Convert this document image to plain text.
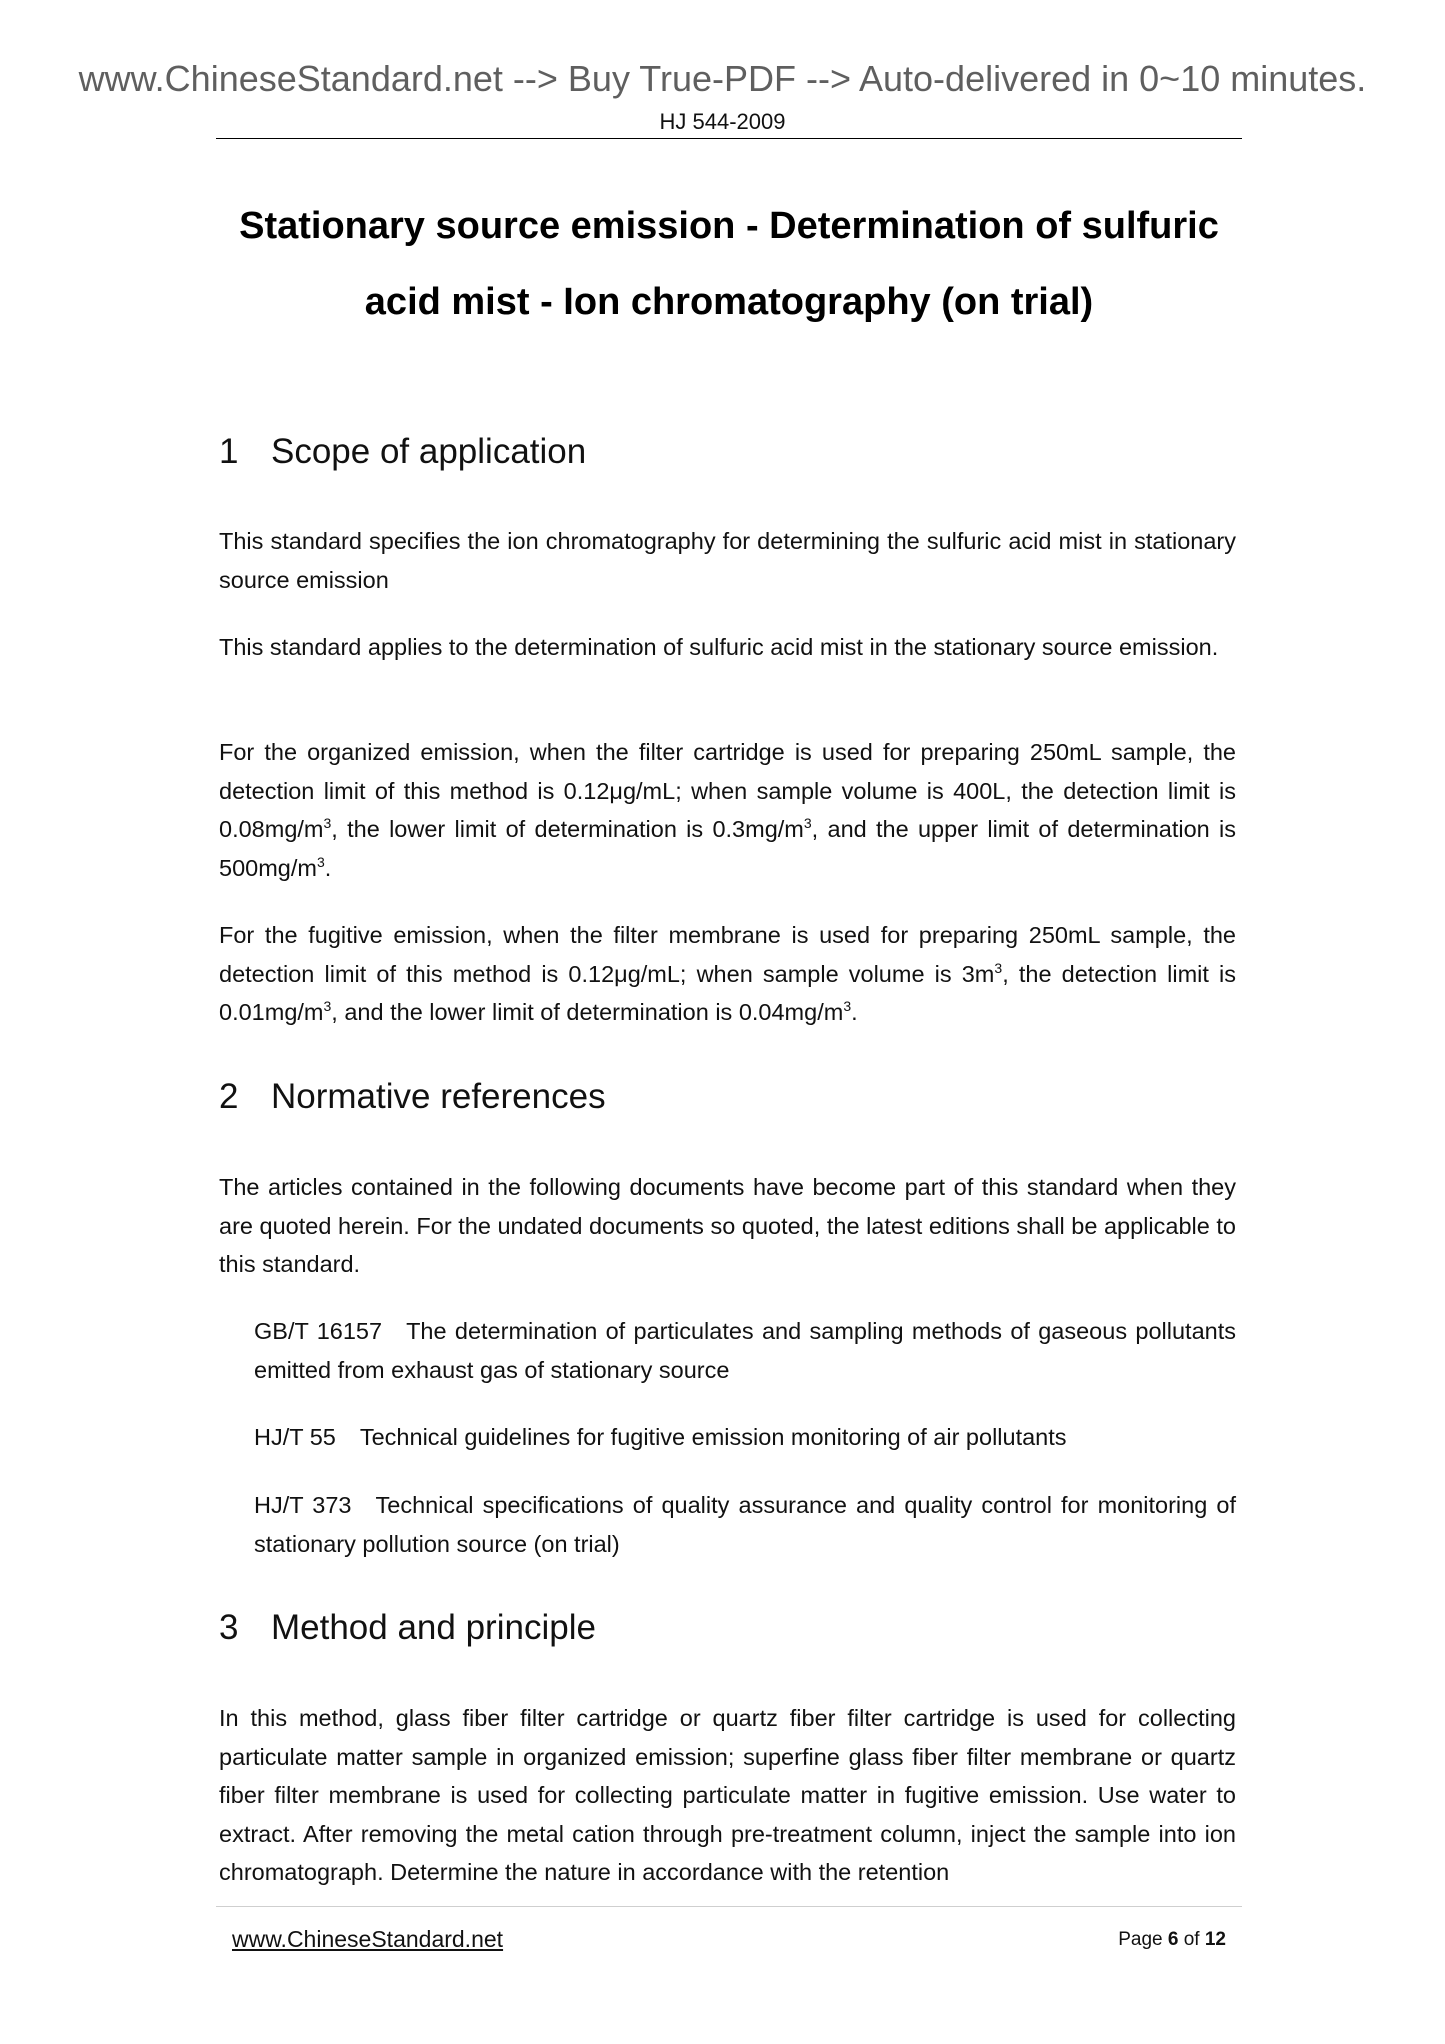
www.ChineseStandard.net --> Buy True-PDF --> Auto-delivered in 0~10 minutes.
HJ 544-2009
Stationary source emission - Determination of sulfuric
acid mist - Ion chromatography (on trial)
1 Scope of application

This standard specifies the ion chromatography for determining the sulfuric acid mist in stationary source emission

This standard applies to the determination of sulfuric acid mist in the stationary source emission.

For the organized emission, when the filter cartridge is used for preparing 250mL sample, the detection limit of this method is 0.12μg/mL; when sample volume is 400L, the detection limit is $0.08mg/m^3$, the lower limit of determination is $0.3mg/m^3$, and the upper limit of determination is $500mg/m^3$.

For the fugitive emission, when the filter membrane is used for preparing 250mL sample, the detection limit of this method is 0.12μg/mL; when sample volume is $3m^3$, the detection limit is $0.01mg/m^3$, and the lower limit of determination is $0.04mg/m^3$.

2 Normative references

The articles contained in the following documents have become part of this standard when they are quoted herein. For the undated documents so quoted, the latest editions shall be applicable to this standard.

GB/T 16157 The determination of particulates and sampling methods of gaseous pollutants emitted from exhaust gas of stationary source

HJ/T 55 Technical guidelines for fugitive emission monitoring of air pollutants

HJ/T 373 Technical specifications of quality assurance and quality control for monitoring of stationary pollution source (on trial)

3 Method and principle

In this method, glass fiber filter cartridge or quartz fiber filter cartridge is used for collecting particulate matter sample in organized emission; superfine glass fiber filter membrane or quartz fiber filter membrane is used for collecting particulate matter in fugitive emission. Use water to extract. After removing the metal cation through pre-treatment column, inject the sample into ion chromatograph. Determine the nature in accordance with the retention

www.ChineseStandard.net	Page 6 of 12
